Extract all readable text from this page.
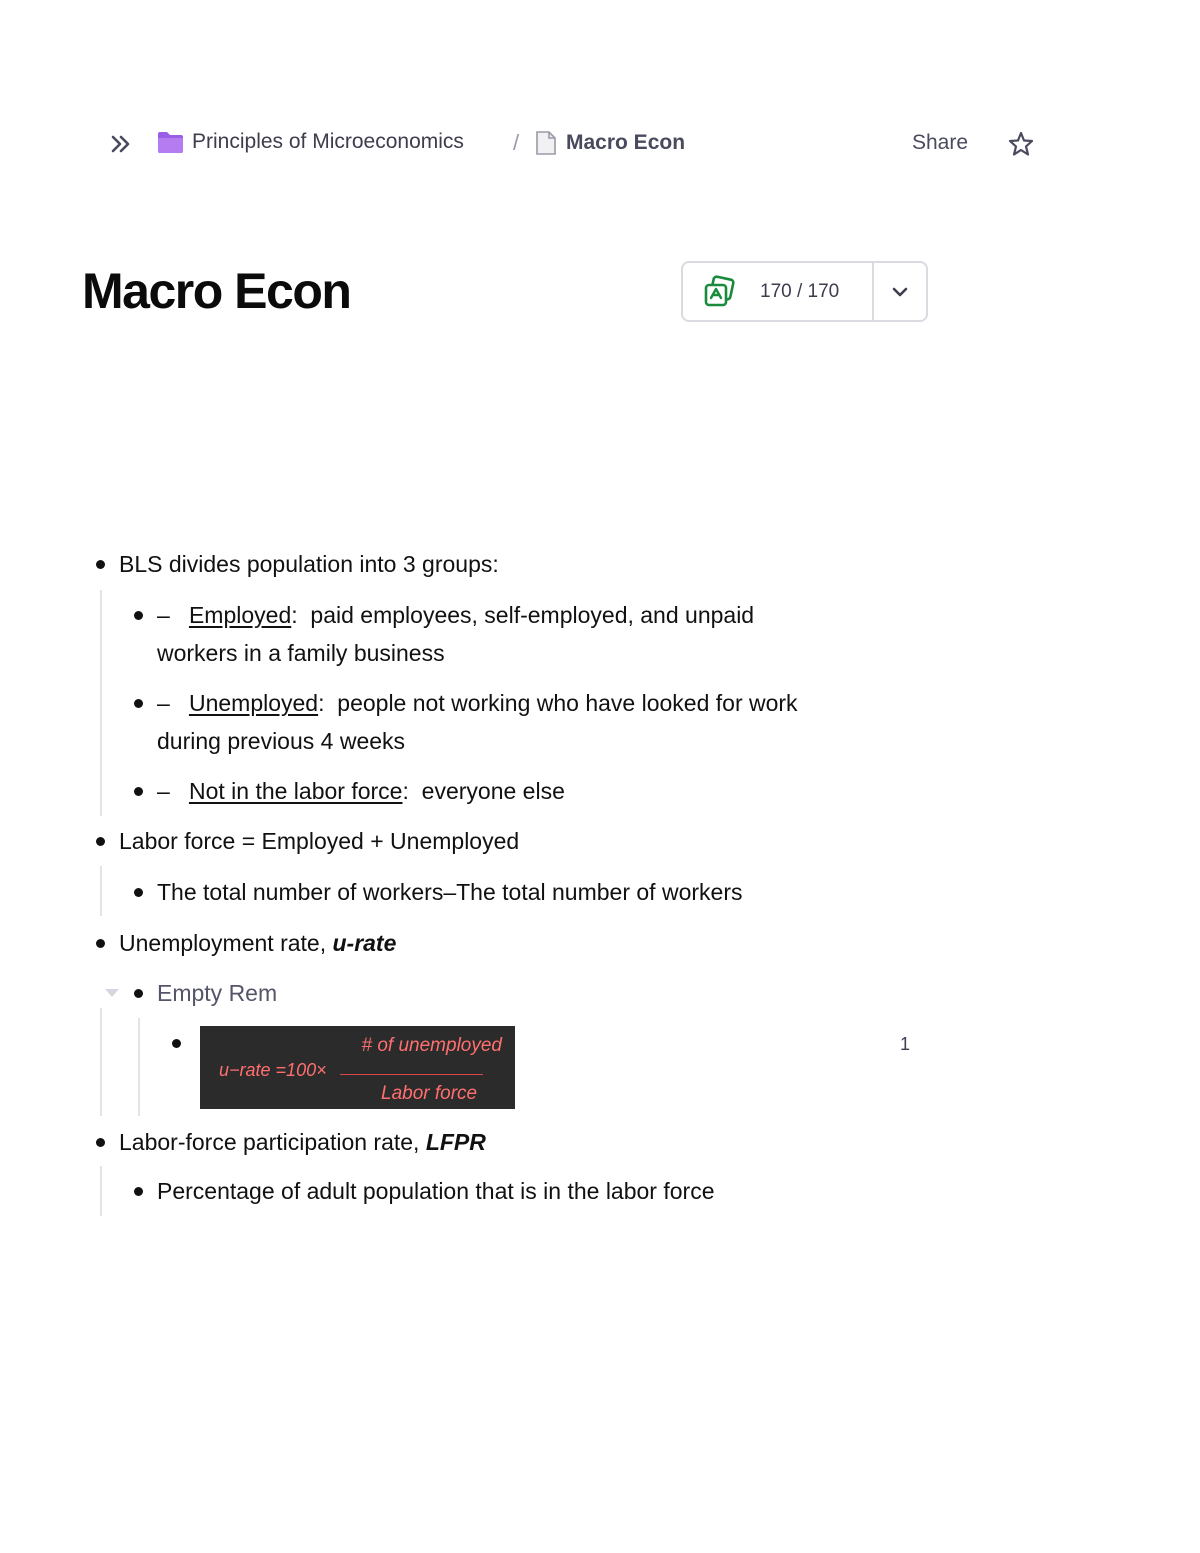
Principles of Microeconomics / Macro Econ	Share
Macro Econ	170 / 170
BLS divides population into 3 groups:
– Employed:  paid employees, self-employed, and unpaid
workers in a family business
– Unemployed:  people not working who have looked for work
during previous 4 weeks
– Not in the labor force:  everyone else
Labor force = Employed + Unemployed
The total number of workers–The total number of workers
Unemployment rate, u-rate
Empty Rem
# of unemployed
u−rate =100×
Labor force
1
Labor-force participation rate, LFPR
Percentage of adult population that is in the labor force
